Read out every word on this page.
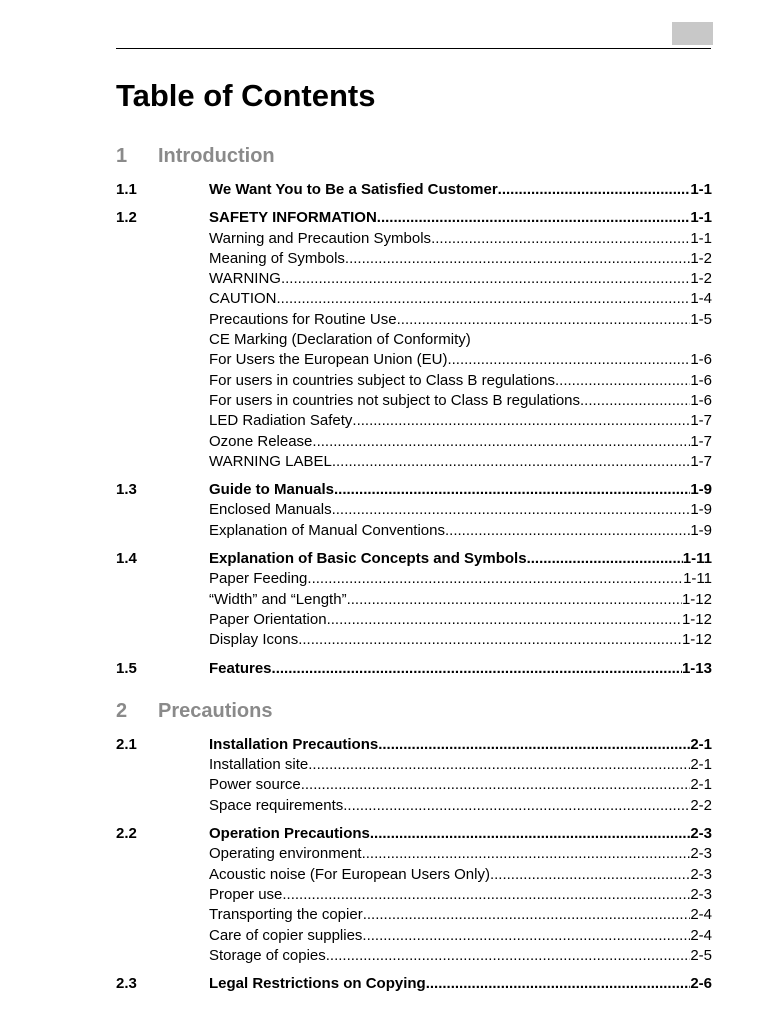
Table of Contents
1	Introduction
1.1	We Want You to Be a Satisfied Customer .....	1-1
1.2	SAFETY INFORMATION .....	1-1
Warning and Precaution Symbols .....	1-1
Meaning of Symbols .....	1-2
WARNING .....	1-2
CAUTION .....	1-4
Precautions for Routine Use .....	1-5
CE Marking (Declaration of Conformity)
For Users the European Union (EU) .....	1-6
For users in countries subject to Class B regulations .....	1-6
For users in countries not subject to Class B regulations .....	1-6
LED Radiation Safety .....	1-7
Ozone Release .....	1-7
WARNING LABEL .....	1-7
1.3	Guide to Manuals .....	1-9
Enclosed Manuals .....	1-9
Explanation of Manual Conventions .....	1-9
1.4	Explanation of Basic Concepts and Symbols .....	1-11
Paper Feeding .....	1-11
“Width” and “Length” .....	1-12
Paper Orientation .....	1-12
Display Icons .....	1-12
1.5	Features .....	1-13
2	Precautions
2.1	Installation Precautions .....	2-1
Installation site .....	2-1
Power source .....	2-1
Space requirements .....	2-2
2.2	Operation Precautions .....	2-3
Operating environment .....	2-3
Acoustic noise (For European Users Only) .....	2-3
Proper use .....	2-3
Transporting the copier .....	2-4
Care of copier supplies .....	2-4
Storage of copies .....	2-5
2.3	Legal Restrictions on Copying .....	2-6
